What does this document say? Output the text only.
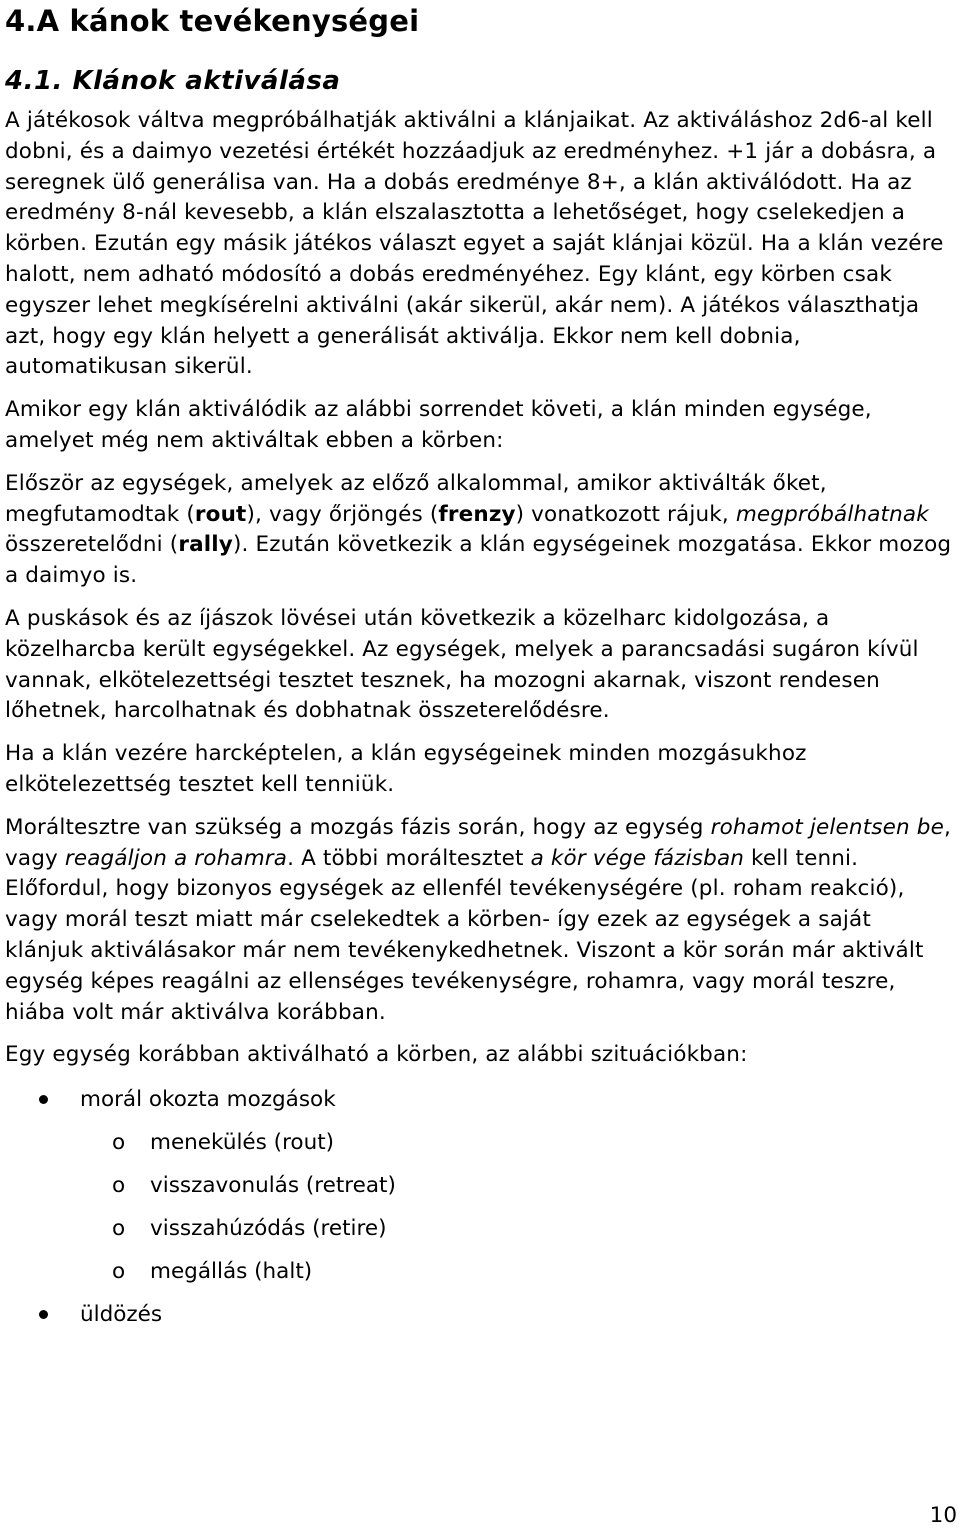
4.A kánok tevékenységei
4.1. Klánok aktiválása

A játékosok váltva megpróbálhatják aktiválni a klánjaikat. Az aktiváláshoz 2d6-al kell dobni, és a daimyo vezetési értékét hozzáadjuk az eredményhez. +1 jár a dobásra, a seregnek ülő generálisa van. Ha a dobás eredménye 8+, a klán aktiválódott. Ha az eredmény 8-nál kevesebb, a klán elszalasztotta a lehetőséget, hogy cselekedjen a körben. Ezután egy másik játékos választ egyet a saját klánjai közül. Ha a klán vezére halott, nem adható módosító a dobás eredményéhez. Egy klánt, egy körben csak egyszer lehet megkísérelni aktiválni (akár sikerül, akár nem). A játékos választhatja azt, hogy egy klán helyett a generálisát aktiválja. Ekkor nem kell dobnia, automatikusan sikerül.

Amikor egy klán aktiválódik az alábbi sorrendet követi, a klán minden egysége, amelyet még nem aktiváltak ebben a körben:

Először az egységek, amelyek az előző alkalommal, amikor aktiválták őket, megfutamodtak (rout), vagy őrjöngés (frenzy) vonatkozott rájuk, megpróbálhatnak összeretelődni (rally). Ezután következik a klán egységeinek mozgatása. Ekkor mozog a daimyo is.

A puskások és az íjászok lövései után következik a közelharc kidolgozása, a közelharcba került egységekkel. Az egységek, melyek a parancsadási sugáron kívül vannak, elkötelezettségi tesztet tesznek, ha mozogni akarnak, viszont rendesen lőhetnek, harcolhatnak és dobhatnak összeterelődésre.

Ha a klán vezére harcképtelen, a klán egységeinek minden mozgásukhoz elkötelezettség tesztet kell tenniük.

Moráltesztre van szükség a mozgás fázis során, hogy az egység rohamot jelentsen be, vagy reagáljon a rohamra. A többi moráltesztet a kör vége fázisban kell tenni. Előfordul, hogy bizonyos egységek az ellenfél tevékenységére (pl. roham reakció), vagy morál teszt miatt már cselekedtek a körben- így ezek az egységek a saját klánjuk aktiválásakor már nem tevékenykedhetnek. Viszont a kör során már aktivált egység képes reagálni az ellenséges tevékenységre, rohamra, vagy morál teszre, hiába volt már aktiválva korábban.

Egy egység korábban aktiválható a körben, az alábbi szituációkban:

morál okozta mozgások
o menekülés (rout)
o visszavonulás (retreat)
o visszahúzódás (retire)
o megállás (halt)
üldözés
10
